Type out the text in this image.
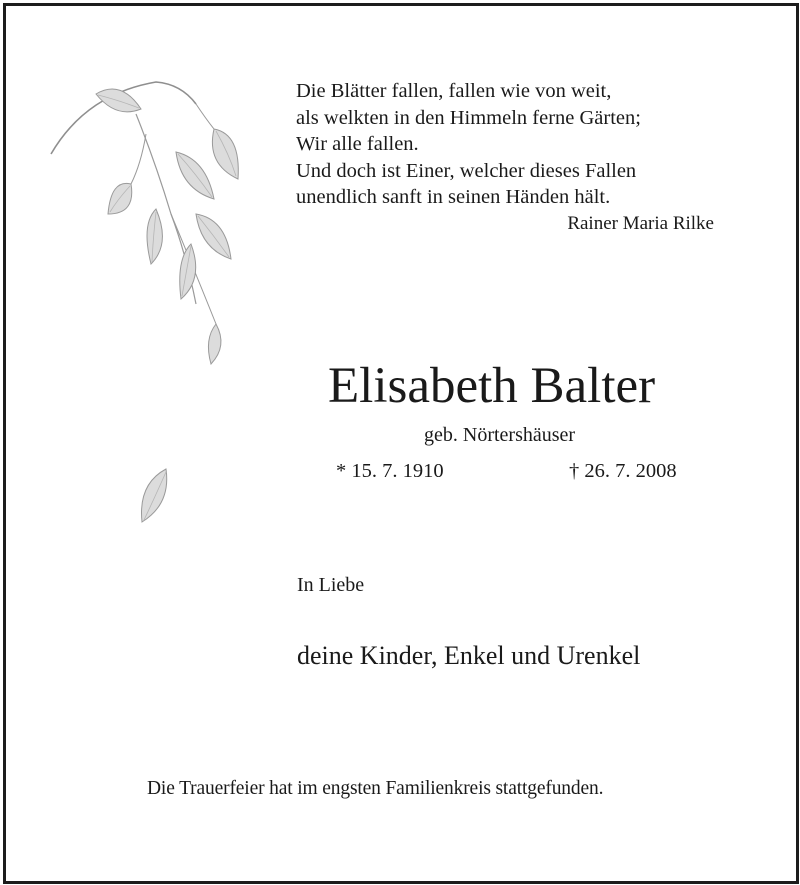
Die Blätter fallen, fallen wie von weit,
als welkten in den Himmeln ferne Gärten;
Wir alle fallen.
Und doch ist Einer, welcher dieses Fallen
unendlich sanft in seinen Händen hält.
Rainer Maria Rilke
Elisabeth Balter
geb. Nörtershäuser
* 15. 7. 1910	† 26. 7. 2008
In Liebe
deine Kinder, Enkel und Urenkel
Die Trauerfeier hat im engsten Familienkreis stattgefunden.
